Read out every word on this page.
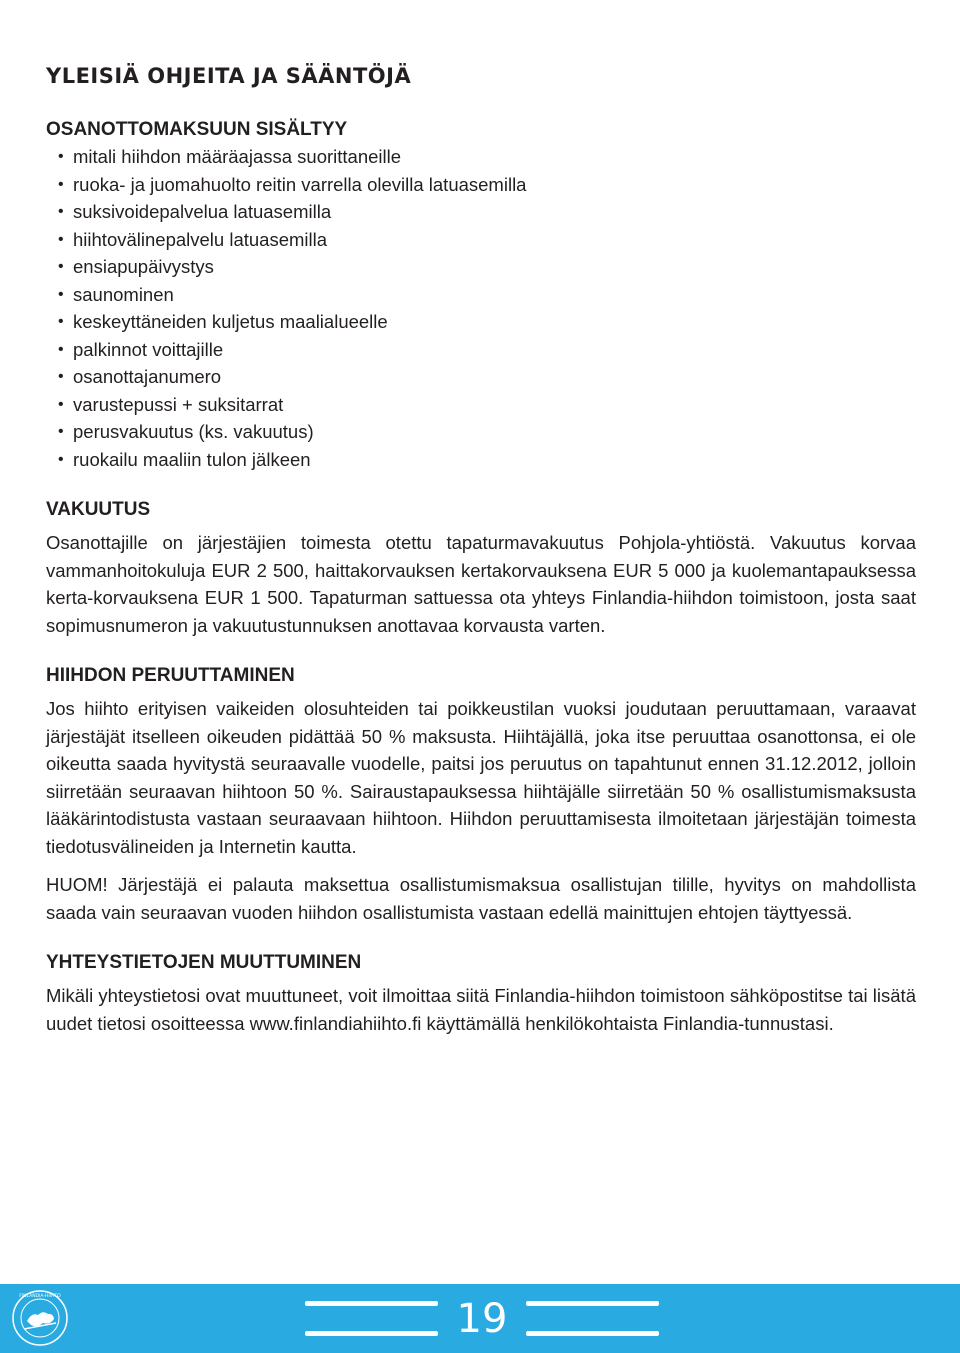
YLEISIÄ OHJEITA JA SÄÄNTÖJÄ
OSANOTTOMAKSUUN SISÄLTYY
• mitali hiihdon määräajassa suorittaneille
• ruoka- ja juomahuolto reitin varrella olevilla latuasemilla
• suksivoidepalvelua latuasemilla
• hiihtovälinepalvelu latuasemilla
• ensiapupäivystys
• saunominen
• keskeyttäneiden kuljetus maalialueelle
• palkinnot voittajille
• osanottajanumero
• varustepussi + suksitarrat
• perusvakuutus (ks. vakuutus)
• ruokailu maaliin tulon jälkeen
VAKUUTUS

Osanottajille on järjestäjien toimesta otettu tapaturmavakuutus Pohjola-yhtiöstä. Vakuutus korvaa vammanhoitokuluja EUR 2 500, haittakorvauksen kertakorvauksena EUR 5 000 ja kuolemantapauksessa kerta-korvauksena EUR 1 500. Tapaturman sattuessa ota yhteys Finlandia-hiihdon toimistoon, josta saat sopimusnumeron ja vakuutustunnuksen anottavaa korvausta varten.

HIIHDON PERUUTTAMINEN

Jos hiihto erityisen vaikeiden olosuhteiden tai poikkeustilan vuoksi joudutaan peruuttamaan, varaavat järjestäjät itselleen oikeuden pidättää 50 % maksusta. Hiihtäjällä, joka itse peruuttaa osanottonsa, ei ole oikeutta saada hyvitystä seuraavalle vuodelle, paitsi jos peruutus on tapahtunut ennen 31.12.2012, jolloin siirretään seuraavan hiihtoon 50 %. Sairaustapauksessa hiihtäjälle siirretään 50 % osallistumismaksusta lääkärintodistusta vastaan seuraavaan hiihtoon. Hiihdon peruuttamisesta ilmoitetaan järjestäjän toimesta tiedotusvälineiden ja Internetin kautta.

HUOM! Järjestäjä ei palauta maksettua osallistumismaksua osallistujan tilille, hyvitys on mahdollista saada vain seuraavan vuoden hiihdon osallistumista vastaan edellä mainittujen ehtojen täyttyessä.

YHTEYSTIETOJEN MUUTTUMINEN

Mikäli yhteystietosi ovat muuttuneet, voit ilmoittaa siitä Finlandia-hiihdon toimistoon sähköpostitse tai lisätä uudet tietosi osoitteessa www.finlandiahiihto.fi käyttämällä henkilökohtaista Finlandia-tunnustasi.

FINLANDIA-HIIHTO	19
